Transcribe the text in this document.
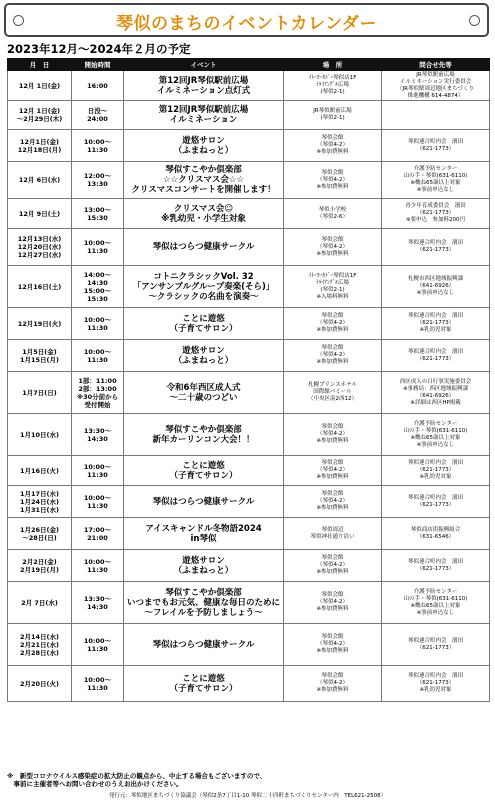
琴似のまちのイベントカレンダー
2023年12月～2024年２月の予定
月　日	開始時間	イベント	場　所	問合せ先等

12月 1日(金)	16:00	第12回JR琴似駅前広場
イルミネーション点灯式	ｲﾄｰﾖｰｶﾄﾞｰ琴似店1F
ﾄﾗｲｱﾝｸﾞﾙ広場
(琴似2-1)	JR琴似駅前広場
イルミネーション実行委員会
（JR琴似駅周辺地区まちづくり
推進機構 614-4874）

12月 1日(金)
～2月29日(木)	日没～
24:00	第12回JR琴似駅前広場
イルミネーション	JR琴似駅前広場
(琴似2-1)	

12月1日(金)
12月18日(月)	10:00～
11:30	遊悠サロン
（ふまねっと）	琴似会館
（琴似4-2）
※参加費無料	琴似連合町内会　濱田
（621-1773）

12月 6日(水)	12:00～
13:30	琴似すこやか倶楽部
☆☆クリスマス会☆☆
クリスマスコンサートを開催します！	琴似会館
（琴似4-2）
※参加費無料	介護予防センター
山の手・琴似(631-6110)
※概ね65歳以上対象
※事前申込なし

12月 9日(土)	13:00～
15:30	クリスマス会☺
※乳幼児・小学生対象	琴似小学校
（琴似2-6）	青少年育成委員会　濱田
（621-1773）
※要申込　参加料200円

12月13日(水)
12月20日(水)
12月27日(水)	10:00～
11:30	琴似はつらつ健康サークル	琴似会館
（琴似4-2）
※参加費無料	琴似連合町内会　濱田
（621-1773）

12月16日(土)	14:00～
14:30
15:00～
15:30	コトニクラシックVol. 32
「アンサンブルグループ奏楽(そら)」
～クラシックの名曲を演奏～	ｲﾄｰﾖｰｶﾄﾞｰ琴似店1F
ﾄﾗｲｱﾝｸﾞﾙ広場
(琴似2-1)
※入場料無料	札幌市西区地域振興課
（641-6926）
※事前申込なし

12月19日(火)	10:00～
11:30	ことに遊悠
（子育てサロン）	琴似会館
（琴似4-2）
※参加費無料	琴似連合町内会　濱田
（621-1773）
※乳幼児対象

1月5日(金)
1月15日(月)	10:00～
11:30	遊悠サロン
（ふまねっと）	琴似会館
（琴似4-2）
※参加費無料	琴似連合町内会　濱田
（621-1773）

1月7日(日)	1部：11:00
2部：13:00
※30分前から
受付開始	令和6年西区成人式
～二十歳のつどい	札幌プリンスホテル
国際館パミール
（中央区南2西12）	西区成人の日行事実施委員会
※事務局：西区地域振興課
（641-6926）
※詳細は西区HP掲載

1月10日(水)	13:30～
14:30	琴似すこやか倶楽部
新年カーリンコン大会！！	琴似会館
（琴似4-2）
※参加費無料	介護予防センター
山の手・琴似(631-6110)
※概ね65歳以上対象
※事前申込なし

1月16日(火)	10:00～
11:30	ことに遊悠
（子育てサロン）	琴似会館
（琴似4-2）
※参加費無料	琴似連合町内会　濱田
（621-1773）
※乳幼児対象

1月17日(水)
1月24日(水)
1月31日(水)	10:00～
11:30	琴似はつらつ健康サークル	琴似会館
（琴似4-2）
※参加費無料	琴似連合町内会　濱田
（621-1773）

1月26日(金)
～28日(日)	17:00～
21:00	アイスキャンドル冬物語2024
in琴似	琴似周辺
琴似神社通り沿い	琴似商店街振興組合
（631-6546）

2月2日(金)
2月19日(月)	10:00～
11:30	遊悠サロン
（ふまねっと）	琴似会館
（琴似4-2）
※参加費無料	琴似連合町内会　濱田
（621-1773）

2月 7日(水)	13:30～
14:30	琴似すこやか倶楽部
いつまでもお元気、健康な毎日のために
～フレイルを予防しましょう～	琴似会館
（琴似4-2）
※参加費無料	介護予防センター
山の手・琴似(631-6110)
※概ね65歳以上対象
※事前申込なし

2月14日(水)
2月21日(水)
2月28日(水)	10:00～
11:30	琴似はつらつ健康サークル	琴似会館
（琴似4-2）
※参加費無料	琴似連合町内会　濱田
（621-1773）

2月20日(火)	10:00～
11:30	ことに遊悠
（子育てサロン）	琴似会館
（琴似4-2）
※参加費無料	琴似連合町内会　濱田
（621-1773）
※乳幼児対象
※　新型コロナウイルス感染症の拡大防止の観点から、中止する場合もございますので、
　事前に主催者等へお問い合わせのうえお出かけください。
発行元：琴似地区まちづくり協議会（琴似2条7丁目1-10 琴似二十四軒まちづくりセンター内　TEL621-2508）
